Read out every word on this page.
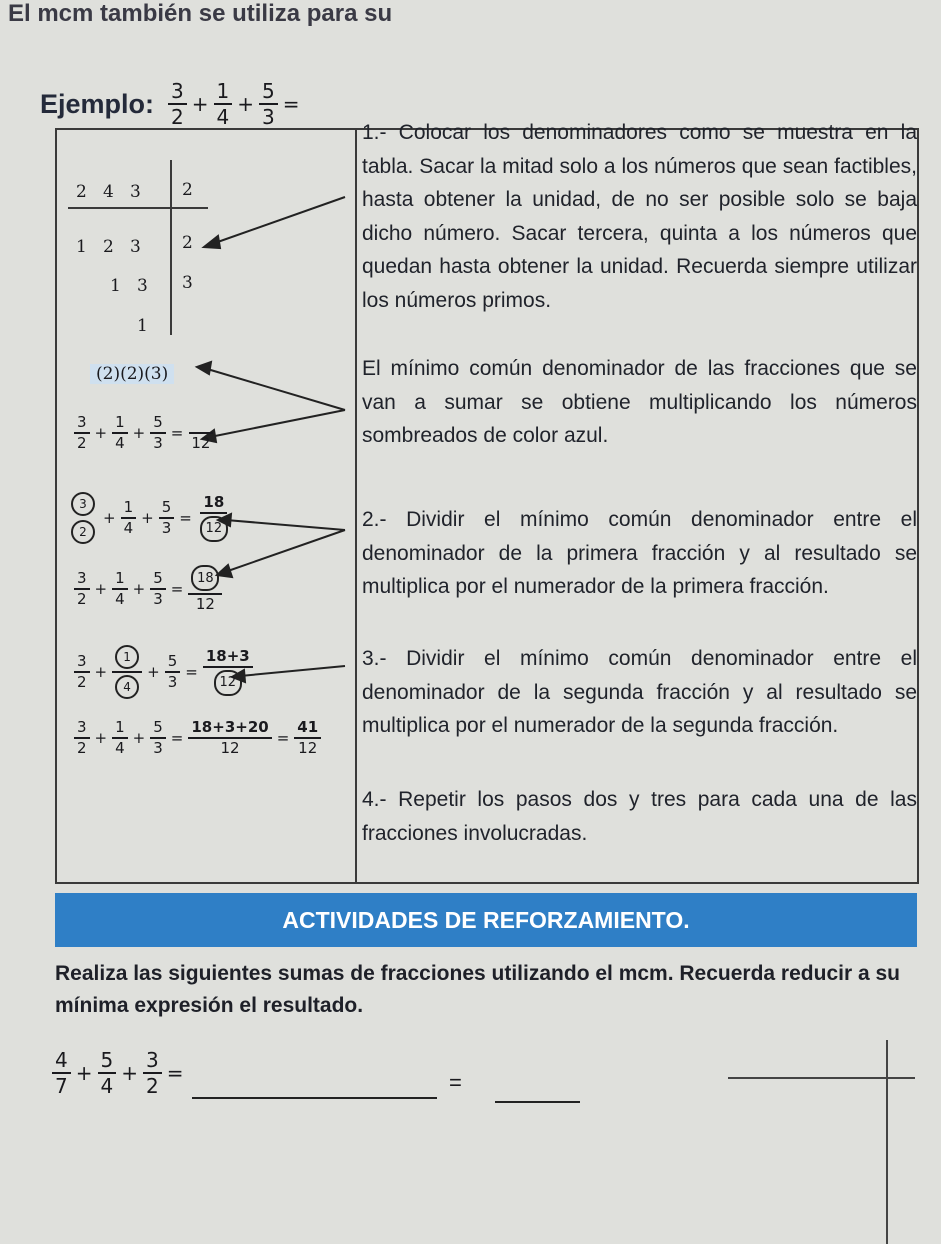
El mcm también se utiliza para su
Ejemplo: $\frac{3}{2} + \frac{1}{4} + \frac{5}{3}$ =
2   4   3 2
1   2   3 2
1   3 3
1
(2)(2)(3)
$\frac{3}{2} + \frac{1}{4} + \frac{5}{3}$ =
12
3
2
+ $\frac{1}{4} + \frac{5}{3} = \frac{18}{12}$
$\frac{3}{2} + \frac{1}{4} + \frac{5}{3} = \frac{18}{12}$
$\frac{3}{2} + \frac{1}{4} + \frac{5}{3} = \frac{18+3}{12}$
$\frac{3}{2} + \frac{1}{4} + \frac{5}{3} = \frac{18+3+20}{12} = \frac{41}{12}$
1.- Colocar los denominadores como se muestra en la tabla. Sacar la mitad solo a los números que sean factibles, hasta obtener la unidad, de no ser posible solo se baja dicho número. Sacar tercera, quinta a los números que quedan hasta obtener la unidad. Recuerda siempre utilizar los números primos.
El mínimo común denominador de las fracciones que se van a sumar se obtiene multiplicando los números sombreados de color azul.
2.- Dividir el mínimo común denominador entre el denominador de la primera fracción y al resultado se multiplica por el numerador de la primera fracción.
3.- Dividir el mínimo común denominador entre el denominador de la segunda fracción y al resultado se multiplica por el numerador de la segunda fracción.
4.- Repetir los pasos dos y tres para cada una de las fracciones involucradas.
ACTIVIDADES DE REFORZAMIENTO.
Realiza las siguientes sumas de fracciones utilizando el mcm. Recuerda reducir a su mínima expresión el resultado.
$\frac{4}{7} + \frac{5}{4} + \frac{3}{2}$ =	=
